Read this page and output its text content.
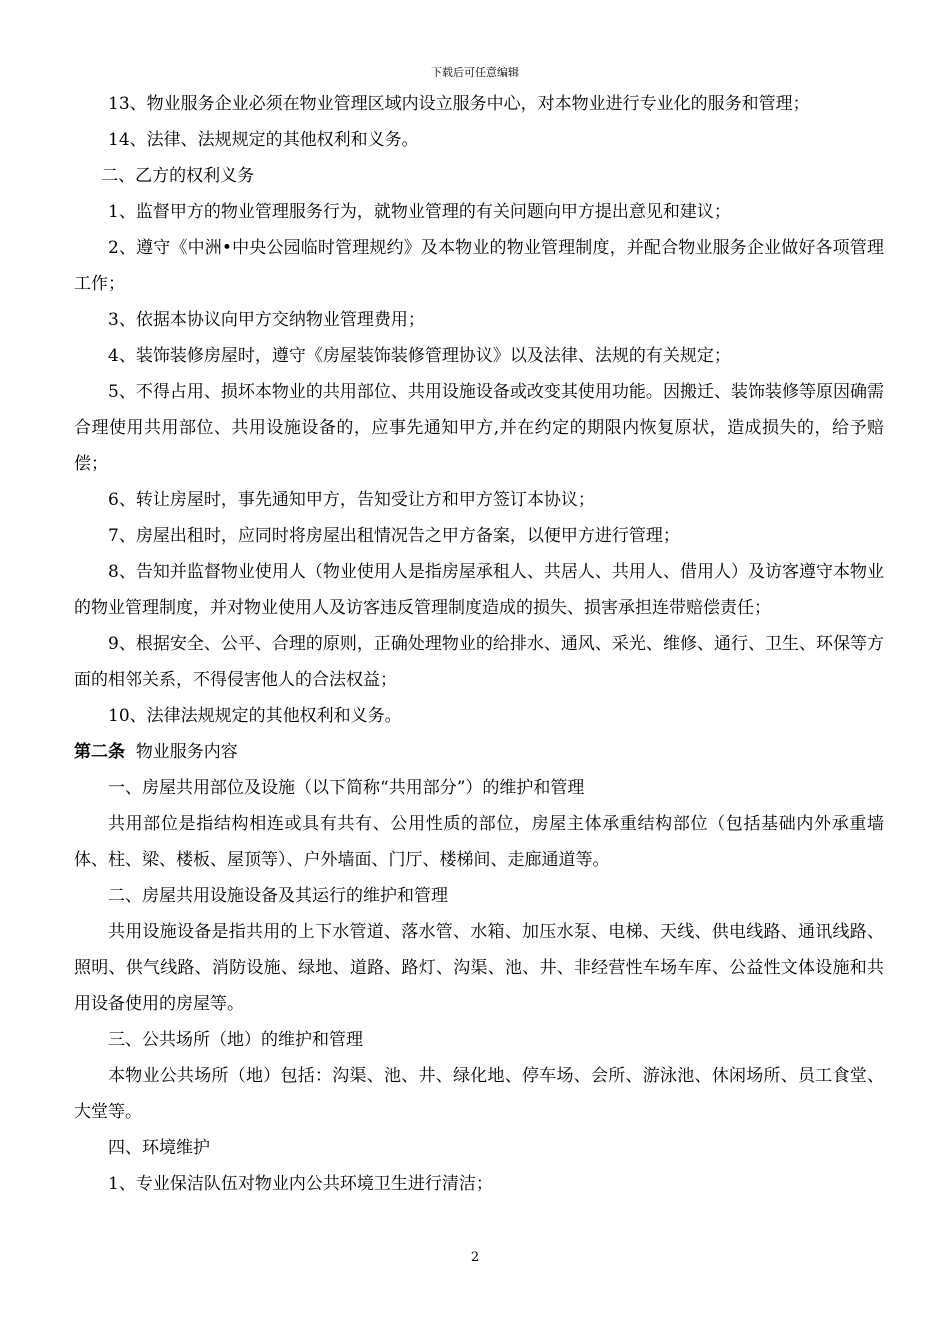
下载后可任意编辑

13、物业服务企业必须在物业管理区域内设立服务中心，对本物业进行专业化的服务和管理；

14、法律、法规规定的其他权利和义务。

二、乙方的权利义务

1、监督甲方的物业管理服务行为，就物业管理的有关问题向甲方提出意见和建议；

2、遵守《中洲•中央公园临时管理规约》及本物业的物业管理制度，并配合物业服务企业做好各项管理工作；

3、依据本协议向甲方交纳物业管理费用；

4、装饰装修房屋时，遵守《房屋装饰装修管理协议》以及法律、法规的有关规定；

5、不得占用、损坏本物业的共用部位、共用设施设备或改变其使用功能。因搬迁、装饰装修等原因确需合理使用共用部位、共用设施设备的，应事先通知甲方,并在约定的期限内恢复原状，造成损失的，给予赔偿；

6、转让房屋时，事先通知甲方，告知受让方和甲方签订本协议；

7、房屋出租时，应同时将房屋出租情况告之甲方备案，以便甲方进行管理；

8、告知并监督物业使用人（物业使用人是指房屋承租人、共居人、共用人、借用人）及访客遵守本物业的物业管理制度，并对物业使用人及访客违反管理制度造成的损失、损害承担连带赔偿责任；

9、根据安全、公平、合理的原则，正确处理物业的给排水、通风、采光、维修、通行、卫生、环保等方面的相邻关系，不得侵害他人的合法权益；

10、法律法规规定的其他权利和义务。

第二条 物业服务内容

一、房屋共用部位及设施（以下简称“共用部分”）的维护和管理

共用部位是指结构相连或具有共有、公用性质的部位，房屋主体承重结构部位（包括基础内外承重墙体、柱、梁、楼板、屋顶等）、户外墙面、门厅、楼梯间、走廊通道等。

二、房屋共用设施设备及其运行的维护和管理

共用设施设备是指共用的上下水管道、落水管、水箱、加压水泵、电梯、天线、供电线路、通讯线路、照明、供气线路、消防设施、绿地、道路、路灯、沟渠、池、井、非经营性车场车库、公益性文体设施和共用设备使用的房屋等。

三、公共场所（地）的维护和管理

本物业公共场所（地）包括：沟渠、池、井、绿化地、停车场、会所、游泳池、休闲场所、员工食堂、大堂等。

四、环境维护

1、专业保洁队伍对物业内公共环境卫生进行清洁；

2
